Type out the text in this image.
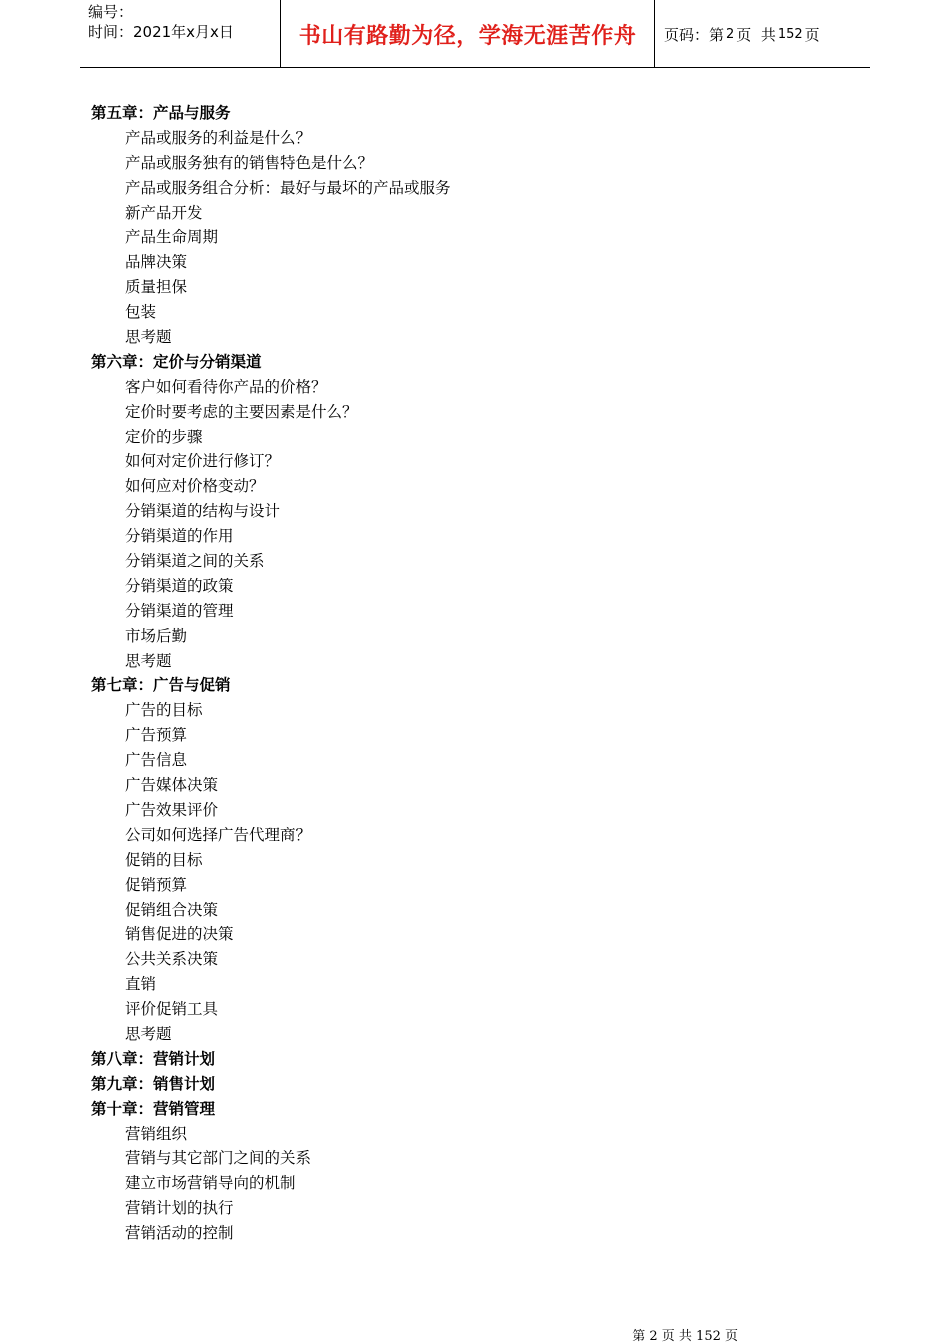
编号：
时间：2021年x月x日	书山有路勤为径，学海无涯苦作舟	页码：第 2 页  共 152 页
第五章：产品与服务
产品或服务的利益是什么？
产品或服务独有的销售特色是什么？
产品或服务组合分析：最好与最坏的产品或服务
新产品开发
产品生命周期
品牌决策
质量担保
包装
思考题
第六章：定价与分销渠道
客户如何看待你产品的价格？
定价时要考虑的主要因素是什么？
定价的步骤
如何对定价进行修订？
如何应对价格变动？
分销渠道的结构与设计
分销渠道的作用
分销渠道之间的关系
分销渠道的政策
分销渠道的管理
市场后勤
思考题
第七章：广告与促销
广告的目标
广告预算
广告信息
广告媒体决策
广告效果评价
公司如何选择广告代理商？
促销的目标
促销预算
促销组合决策
销售促进的决策
公共关系决策
直销
评价促销工具
思考题
第八章：营销计划
第九章：销售计划
第十章：营销管理
营销组织
营销与其它部门之间的关系
建立市场营销导向的机制
营销计划的执行
营销活动的控制
第 2 页 共 152 页
